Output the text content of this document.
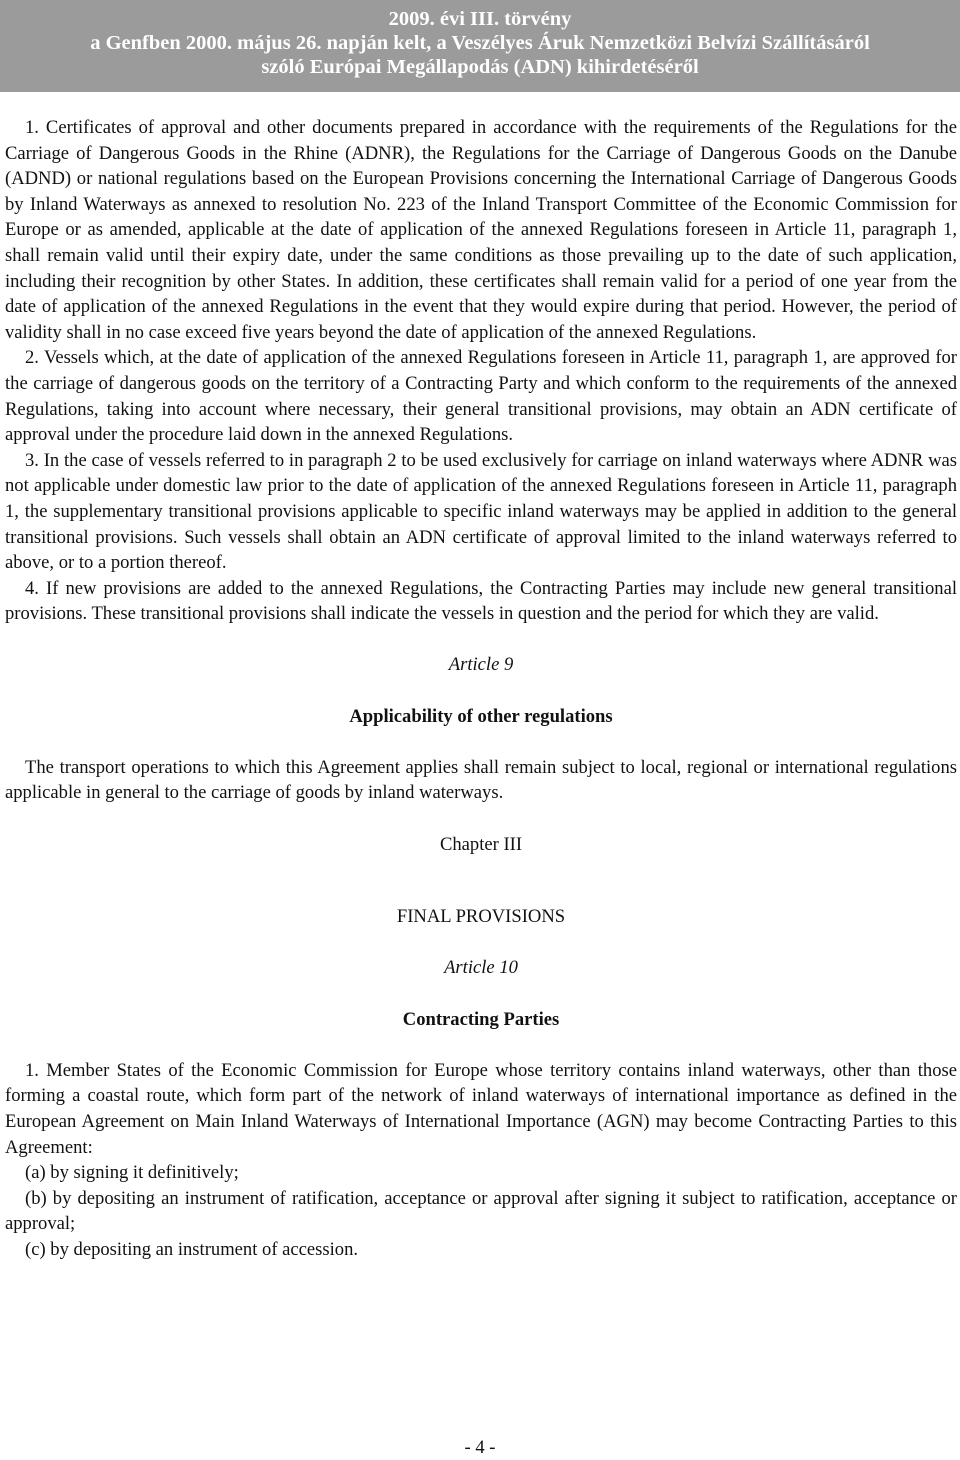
2009. évi III. törvény
a Genfben 2000. május 26. napján kelt, a Veszélyes Áruk Nemzetközi Belvízi Szállításáról
szóló Európai Megállapodás (ADN) kihirdetéséről

1. Certificates of approval and other documents prepared in accordance with the requirements of the Regulations for the Carriage of Dangerous Goods in the Rhine (ADNR), the Regulations for the Carriage of Dangerous Goods on the Danube (ADND) or national regulations based on the European Provisions concerning the International Carriage of Dangerous Goods by Inland Waterways as annexed to resolution No. 223 of the Inland Transport Committee of the Economic Commission for Europe or as amended, applicable at the date of application of the annexed Regulations foreseen in Article 11, paragraph 1, shall remain valid until their expiry date, under the same conditions as those prevailing up to the date of such application, including their recognition by other States. In addition, these certificates shall remain valid for a period of one year from the date of application of the annexed Regulations in the event that they would expire during that period. However, the period of validity shall in no case exceed five years beyond the date of application of the annexed Regulations.

2. Vessels which, at the date of application of the annexed Regulations foreseen in Article 11, paragraph 1, are approved for the carriage of dangerous goods on the territory of a Contracting Party and which conform to the requirements of the annexed Regulations, taking into account where necessary, their general transitional provisions, may obtain an ADN certificate of approval under the procedure laid down in the annexed Regulations.

3. In the case of vessels referred to in paragraph 2 to be used exclusively for carriage on inland waterways where ADNR was not applicable under domestic law prior to the date of application of the annexed Regulations foreseen in Article 11, paragraph 1, the supplementary transitional provisions applicable to specific inland waterways may be applied in addition to the general transitional provisions. Such vessels shall obtain an ADN certificate of approval limited to the inland waterways referred to above, or to a portion thereof.

4. If new provisions are added to the annexed Regulations, the Contracting Parties may include new general transitional provisions. These transitional provisions shall indicate the vessels in question and the period for which they are valid.

Article 9

Applicability of other regulations

The transport operations to which this Agreement applies shall remain subject to local, regional or international regulations applicable in general to the carriage of goods by inland waterways.

Chapter III

FINAL PROVISIONS

Article 10

Contracting Parties

1. Member States of the Economic Commission for Europe whose territory contains inland waterways, other than those forming a coastal route, which form part of the network of inland waterways of international importance as defined in the European Agreement on Main Inland Waterways of International Importance (AGN) may become Contracting Parties to this Agreement:

(a) by signing it definitively;

(b) by depositing an instrument of ratification, acceptance or approval after signing it subject to ratification, acceptance or approval;

(c) by depositing an instrument of accession.

- 4 -
